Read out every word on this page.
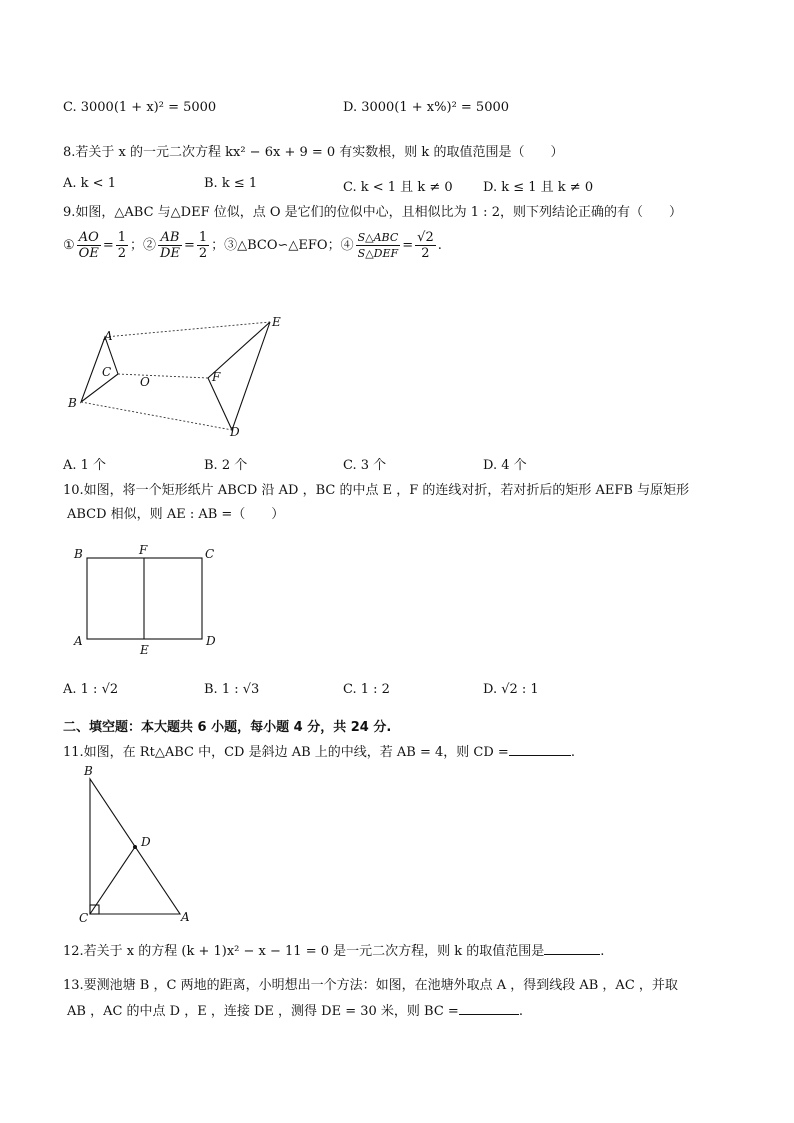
C. 3000(1 + x)² = 5000	D. 3000(1 + x%)² = 5000
8.若关于 x 的一元二次方程 kx² − 6x + 9 = 0 有实数根，则 k 的取值范围是（　　）
A. k < 1	B. k ≤ 1	C. k < 1 且 k ≠ 0 D. k ≤ 1 且 k ≠ 0
9.如图，△ABC 与△DEF 位似，点 O 是它们的位似中心，且相似比为 1 : 2，则下列结论正确的有（　　）
① $\frac{AO}{OE} = \frac{1}{2}$ ；② $\frac{AB}{DE} = \frac{1}{2}$ ；③△BCO∽△EFO；④ $\frac{\text{S△ABC}}{\text{S△DEF}} = \frac{√2}{2}$ .
A
C
B
O	F
E
D
A. 1 个	B. 2 个	C. 3 个	D. 4 个
10.如图，将一个矩形纸片 ABCD 沿 AD ，BC 的中点 E ，F 的连线对折，若对折后的矩形 AEFB 与原矩形
ABCD 相似，则 AE : AB =（　　）
B	F	C
A
E
D
A. 1 : √2	B. 1 : √3	C. 1 : 2	D. √2 : 1
二、填空题：本大题共 6 小题，每小题 4 分，共 24 分.
11.如图，在 Rt△ABC 中，CD 是斜边 AB 上的中线，若 AB = 4，则 CD =	.
B
D
C	A
12.若关于 x 的方程 (k + 1)x² − x − 11 = 0 是一元二次方程，则 k 的取值范围是	.
13.要测池塘 B ，C 两地的距离，小明想出一个方法：如图，在池塘外取点 A ，得到线段 AB ，AC ，并取
AB ，AC 的中点 D ，E ，连接 DE ，测得 DE = 30 米，则 BC =	.
